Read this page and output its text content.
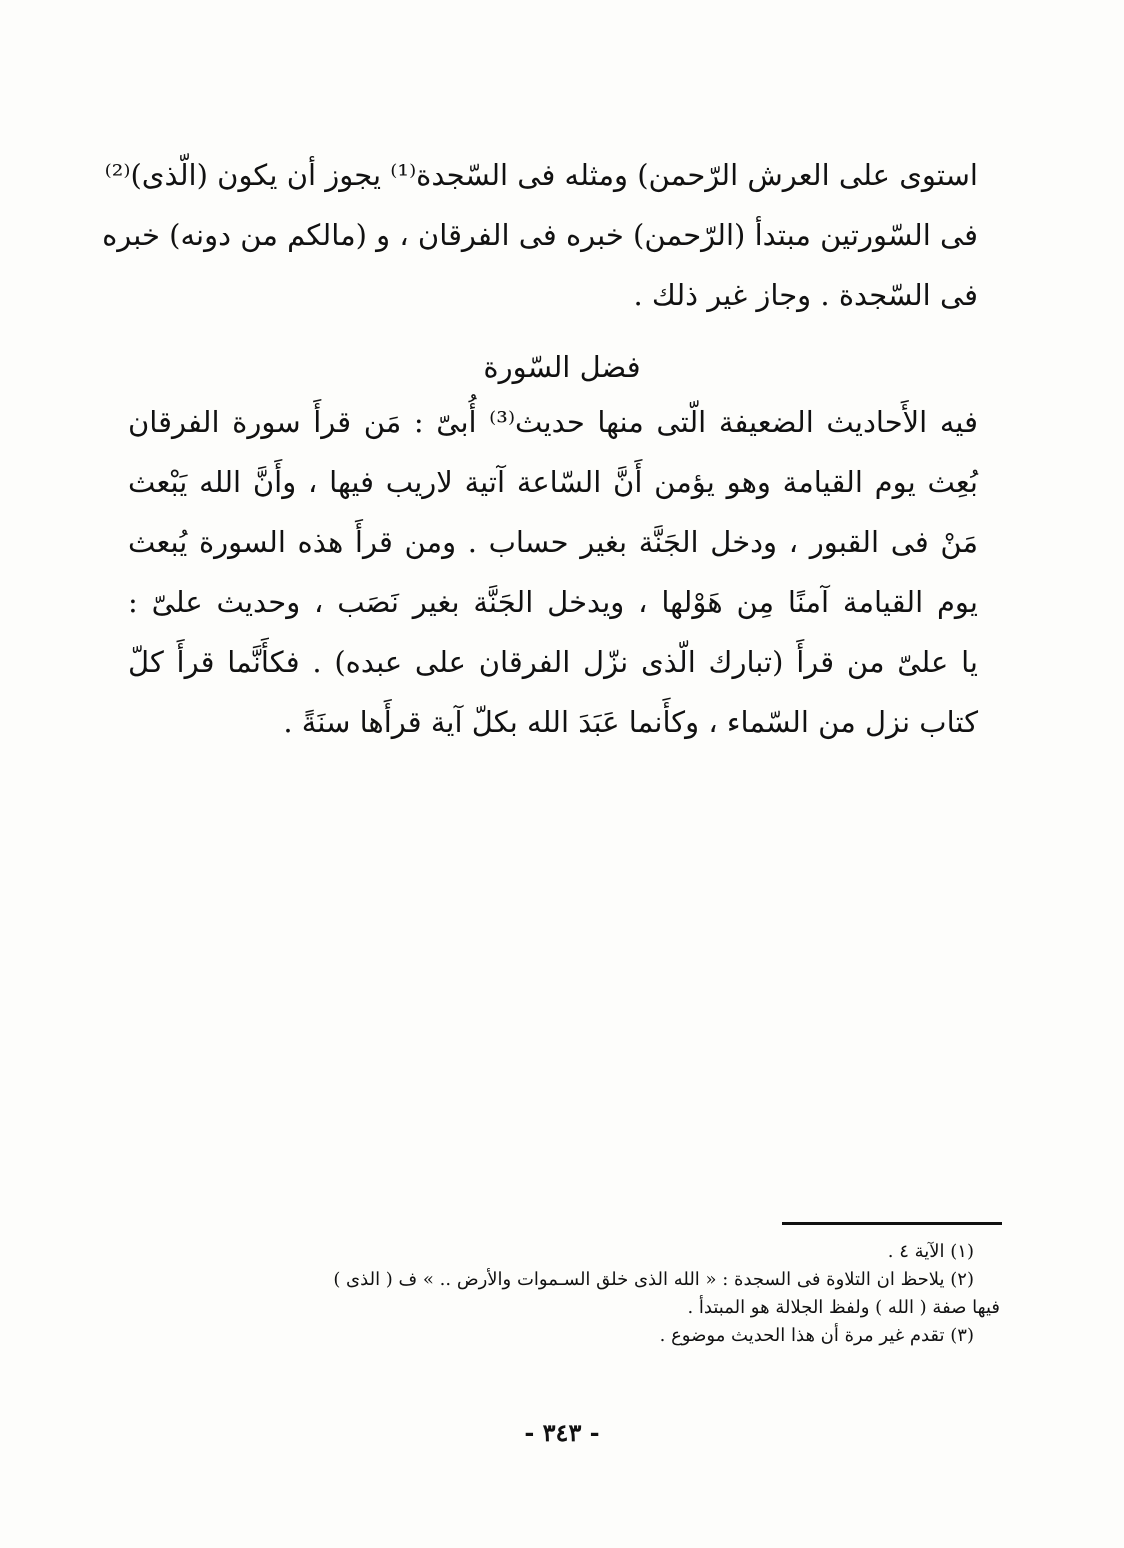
استوى على العرش الرّحمن) ومثله فى السّجدة⁽¹⁾ يجوز أن يكون (الّذى)⁽²⁾
فى السّورتين مبتدأ (الرّحمن) خبره فى الفرقان ، و (مالكم من دونه) خبره
فى السّجدة . وجاز غير ذلك .
فضل السّورة
فيه الأَحاديث الضعيفة الّتى منها حديث⁽³⁾ أُبىّ : مَن قرأَ سورة الفرقان
بُعِث يوم القيامة وهو يؤمن أَنَّ السّاعة آتية لاريب فيها ، وأَنَّ الله يَبْعث
مَنْ فى القبور ، ودخل الجَنَّة بغير حساب . ومن قرأَ هذه السورة يُبعث
يوم القيامة آمنًا مِن هَوْلها ، ويدخل الجَنَّة بغير نَصَب ، وحديث علىّ :
يا علىّ من قرأَ (تبارك الّذى نزّل الفرقان على عبده) . فكأَنَّما قرأَ كلّ
كتاب نزل من السّماء ، وكأَنما عَبَدَ الله بكلّ آية قرأَها سنَةً .
(١) الآية ٤ .
(٢) يلاحظ ان التلاوة فى السجدة : « الله الذى خلق السـموات والأرض .. » ف ( الذى )
فيها صفة ( الله ) ولفظ الجلالة هو المبتدأ .
(٣) تقدم غير مرة أن هذا الحديث موضوع .
- ٣٤٣ -
